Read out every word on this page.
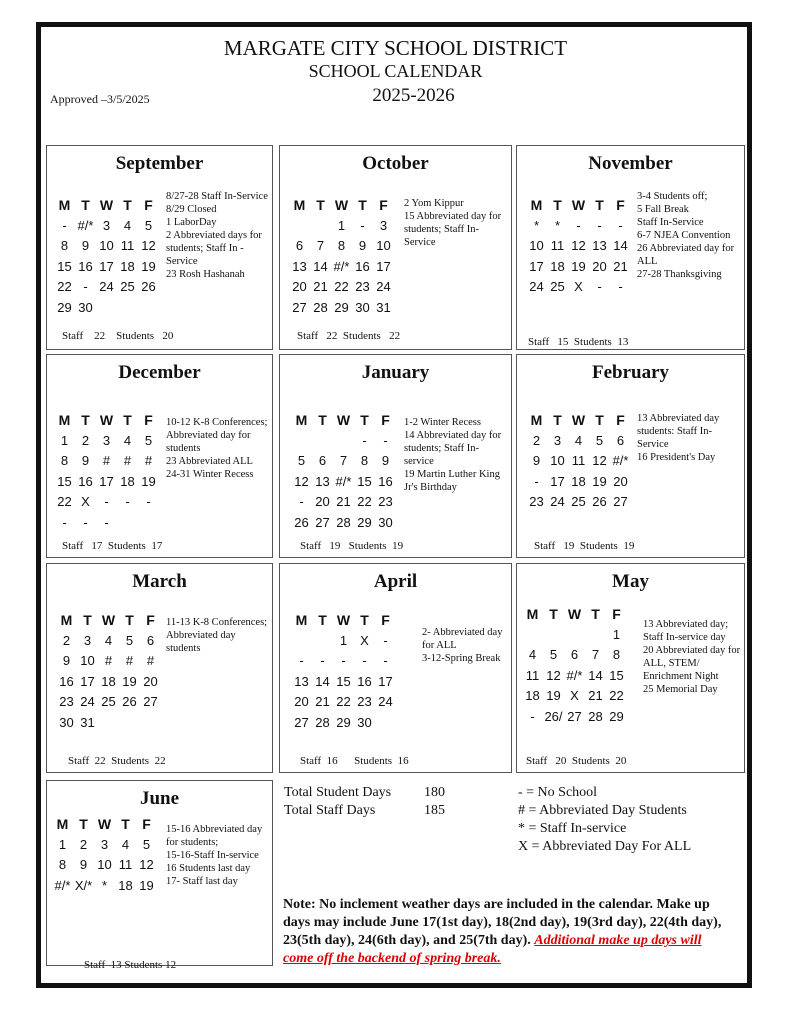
MARGATE CITY SCHOOL DISTRICT
SCHOOL CALENDAR
2025-2026
Approved –3/5/2025
September
M T W T F
- #/* 3 4 5
8 9 10 11 12
15 16 17 18 19
22 - 24 25 26
29 30
8/27-28 Staff In-Service
8/29 Closed
1 LaborDay
2 Abbreviated days for students; Staff In -Service
23 Rosh Hashanah
Staff    22    Students   20
October
M T W T F
1 - 3
6 7 8 9 10
13 14 #/* 16 17
20 21 22 23 24
27 28 29 30 31
2 Yom Kippur
15 Abbreviated day for students; Staff In-Service
Staff   22  Students   22
November
M T W T F
* * - - -
10 11 12 13 14
17 18 19 20 21
24 25 X - -
3-4 Students off;
5 Fall Break
Staff In-Service
6-7 NJEA Convention
26 Abbreviated day for ALL
27-28 Thanksgiving
Staff   15  Students  13
December
M T W T F
1 2 3 4 5
8 9 # # #
15 16 17 18 19
22 X - - -
- - -
10-12 K-8 Conferences; Abbreviated day for students
23 Abbreviated ALL
24-31 Winter Recess
Staff   17  Students  17
January
M T W T F
- -
5 6 7 8 9
12 13 #/* 15 16
- 20 21 22 23
26 27 28 29 30
1-2 Winter Recess
14 Abbreviated day for students; Staff In-service
19 Martin Luther King Jr's Birthday
Staff   19   Students  19
February
M T W T F
2 3 4 5 6
9 10 11 12 #/*
- 17 18 19 20
23 24 25 26 27
13 Abbreviated day students: Staff In-Service
16 President's Day
Staff   19  Students  19
March
M T W T F
2 3 4 5 6
9 10 # # #
16 17 18 19 20
23 24 25 26 27
30 31
11-13 K-8 Conferences; Abbreviated day students
Staff  22  Students  22
April
M T W T F
1 X -
- - - - -
13 14 15 16 17
20 21 22 23 24
27 28 29 30
2- Abbreviated day for ALL
3-12-Spring Break
Staff  16      Students  16
May
M T W T F
1
4 5 6 7 8
11 12 #/* 14 15
18 19 X 21 22
- 26/ 27 28 29
13 Abbreviated day; Staff In-service day
20 Abbreviated day for ALL, STEM/ Enrichment Night
25 Memorial Day
Staff   20  Students  20
June
M T W T F
1 2 3 4 5
8 9 10 11 12
#/* X/* * 18 19
15-16 Abbreviated day for students;
15-16-Staff In-service
16 Students last day
17- Staff last day
Staff  13 Students 12
Total Student Days 180
Total Staff Days	185
- = No School
# = Abbreviated Day Students
* = Staff In-service
X = Abbreviated Day For ALL
Note: No inclement weather days are included in the calendar. Make up days may include June 17(1st day), 18(2nd day), 19(3rd day), 22(4th day), 23(5th day), 24(6th day), and 25(7th day). Additional make up days will come off the backend of spring break.
